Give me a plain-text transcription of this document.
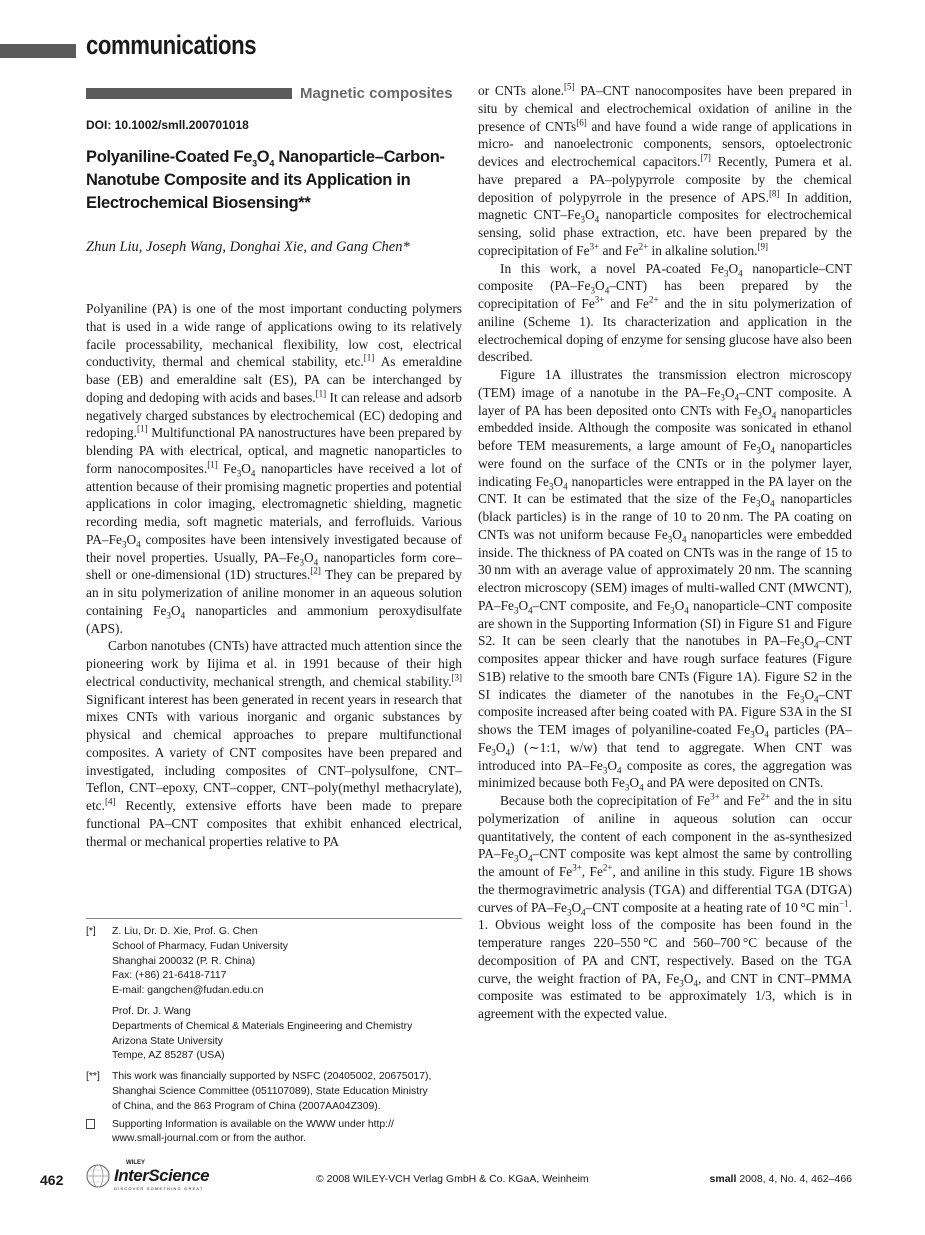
communications
Magnetic composites
DOI: 10.1002/smll.200701018
Polyaniline-Coated $Fe_3O_4$ Nanoparticle–Carbon-
Nanotube Composite and its Application in
Electrochemical Biosensing**
Zhun Liu, Joseph Wang, Donghai Xie, and Gang Chen*

Polyaniline (PA) is one of the most important conducting polymers that is used in a wide range of applications owing to its relatively facile processability, mechanical flexibility, low cost, electrical conductivity, thermal and chemical stability, etc.[1] As emeraldine base (EB) and emeraldine salt (ES), PA can be interchanged by doping and dedoping with acids and bases.[1] It can release and adsorb negatively charged substances by electrochemical (EC) dedoping and redoping.[1] Multifunctional PA nanostructures have been prepared by blending PA with electrical, optical, and magnetic nanoparticles to form nanocomposites.[1] $Fe_3O_4$ nanoparticles have received a lot of attention because of their promising magnetic properties and potential applications in color imaging, electromagnetic shielding, magnetic recording media, soft magnetic materials, and ferrofluids. Various $PA-Fe_3O_4$ composites have been intensively investigated because of their novel properties. Usually, $PA-Fe_3O_4$ nanoparticles form core–shell or one-dimensional (1D) structures.[2] They can be prepared by an in situ polymerization of aniline monomer in an aqueous solution containing $Fe_3O_4$ nanoparticles and ammonium peroxydisulfate (APS).

Carbon nanotubes (CNTs) have attracted much attention since the pioneering work by Iijima et al. in 1991 because of their high electrical conductivity, mechanical strength, and chemical stability.[3] Significant interest has been generated in recent years in research that mixes CNTs with various inorganic and organic substances by physical and chemical approaches to prepare multifunctional composites. A variety of CNT composites have been prepared and investigated, including composites of CNT–polysulfone, CNT–Teflon, CNT–epoxy, CNT–copper, CNT–poly(methyl methacrylate), etc.[4] Recently, extensive efforts have been made to prepare functional PA–CNT composites that exhibit enhanced electrical, thermal or mechanical properties relative to PA

[*]	Z. Liu, Dr. D. Xie, Prof. G. Chen
School of Pharmacy, Fudan University
Shanghai 200032 (P. R. China)
Fax: (+86) 21-6418-7117
E-mail: gangchen@fudan.edu.cn
Prof. Dr. J. Wang
Departments of Chemical & Materials Engineering and Chemistry
Arizona State University
Tempe, AZ 85287 (USA)
[**]	This work was financially supported by NSFC (20405002, 20675017),
Shanghai Science Committee (051107089), State Education Ministry
of China, and the 863 Program of China (2007AA04Z309).
Supporting Information is available on the WWW under http://
www.small-journal.com or from the author.

or CNTs alone.[5] PA–CNT nanocomposites have been prepared in situ by chemical and electrochemical oxidation of aniline in the presence of CNTs[6] and have found a wide range of applications in micro- and nanoelectronic components, sensors, optoelectronic devices and electrochemical capacitors.[7] Recently, Pumera et al. have prepared a PA–polypyrrole composite by the chemical deposition of polypyrrole in the presence of APS.[8] In addition, magnetic CNT–$Fe_3O_4$ nanoparticle composites for electrochemical sensing, solid phase extraction, etc. have been prepared by the coprecipitation of $Fe^{3+}$ and $Fe^{2+}$ in alkaline solution.[9]

In this work, a novel PA-coated $Fe_3O_4$ nanoparticle–CNT composite $(PA-Fe_3O_4-CNT)$ has been prepared by the coprecipitation of $Fe^{3+}$ and $Fe^{2+}$ and the in situ polymerization of aniline (Scheme 1). Its characterization and application in the electrochemical doping of enzyme for sensing glucose have also been described.

Figure 1A illustrates the transmission electron microscopy (TEM) image of a nanotube in the $PA-Fe_3O_4$–CNT composite. A layer of PA has been deposited onto CNTs with $Fe_3O_4$ nanoparticles embedded inside. Although the composite was sonicated in ethanol before TEM measurements, a large amount of $Fe_3O_4$ nanoparticles were found on the surface of the CNTs or in the polymer layer, indicating $Fe_3O_4$ nanoparticles were entrapped in the PA layer on the CNT. It can be estimated that the size of the $Fe_3O_4$ nanoparticles (black particles) is in the range of 10 to 20 nm. The PA coating on CNTs was not uniform because $Fe_3O_4$ nanoparticles were embedded inside. The thickness of PA coated on CNTs was in the range of 15 to 30 nm with an average value of approximately 20 nm. The scanning electron microscopy (SEM) images of multi-walled CNT (MWCNT), $PA-Fe_3O_4$–CNT composite, and $Fe_3O_4$ nanoparticle–CNT composite are shown in the Supporting Information (SI) in Figure S1 and Figure S2. It can be seen clearly that the nanotubes in $PA-Fe_3O_4$–CNT composites appear thicker and have rough surface features (Figure S1B) relative to the smooth bare CNTs (Figure 1A). Figure S2 in the SI indicates the diameter of the nanotubes in the $Fe_3O_4$–CNT composite increased after being coated with PA. Figure S3A in the SI shows the TEM images of polyaniline-coated $Fe_3O_4$ particles $(PA-Fe_3O_4)$ (∼1:1, w/w) that tend to aggregate. When CNT was introduced into $PA-Fe_3O_4$ composite as cores, the aggregation was minimized because both $Fe_3O_4$ and PA were deposited on CNTs.

Because both the coprecipitation of $Fe^{3+}$ and $Fe^{2+}$ and the in situ polymerization of aniline in aqueous solution can occur quantitatively, the content of each component in the as-synthesized $PA-Fe_3O_4$–CNT composite was kept almost the same by controlling the amount of $Fe^{3+}$, $Fe^{2+}$, and aniline in this study. Figure 1B shows the thermogravimetric analysis (TGA) and differential TGA (DTGA) curves of $PA-Fe_3O_4$–CNT composite at a heating rate of 10 °C $\min^{-1}$. 1. Obvious weight loss of the composite has been found in the temperature ranges 220–550 °C and 560–700 °C because of the decomposition of PA and CNT, respectively. Based on the TGA curve, the weight fraction of PA, $Fe_3O_4$, and CNT in CNT–PMMA composite was estimated to be approximately 1/3, which is in agreement with the expected value.

462
WILEY
InterScience
DISCOVER SOMETHING GREAT
© 2008 WILEY-VCH Verlag GmbH & Co. KGaA, Weinheim	small 2008, 4, No. 4, 462–466
